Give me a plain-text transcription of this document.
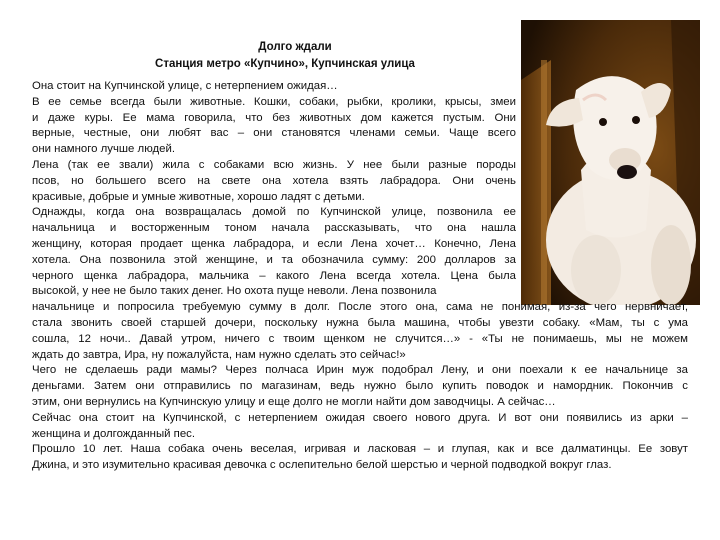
Долго ждали
Станция метро «Купчино», Купчинская улица
Она стоит на Купчинской улице, с нетерпением ожидая…
В ее семье всегда были животные. Кошки, собаки, рыбки, кролики, крысы, змеи
и даже куры. Ее мама говорила, что без животных дом кажется пустым. Они
верные, честные, они любят вас – они становятся членами семьи. Чаще всего
они намного лучше людей.
Лена (так ее звали) жила с собаками всю жизнь. У нее были разные породы
псов, но большего всего на свете она хотела взять лабрадора. Они очень
красивые, добрые и умные животные, хорошо ладят с детьми.
Однажды, когда она возвращалась домой по Купчинской улице, позвонила ее
начальница и восторженным тоном начала рассказывать, что она нашла
женщину, которая продает щенка лабрадора, и если Лена хочет… Конечно, Лена
хотела. Она позвонила этой женщине, и та обозначила сумму: 200 долларов за
черного щенка лабрадора, мальчика – какого Лена всегда хотела. Цена была
высокой, у нее не было таких денег. Но охота пуще неволи. Лена позвонила
начальнице и попросила требуемую сумму в долг. После этого она, сама не понимая, из-за чего нервничает,
стала звонить своей старшей дочери, поскольку нужна была машина, чтобы увезти собаку. «Мам, ты с ума
сошла, 12 ночи.. Давай утром, ничего с твоим щенком не случится…» - «Ты не понимаешь, мы не можем
ждать до завтра, Ира, ну пожалуйста, нам нужно сделать это сейчас!»
Чего не сделаешь ради мамы? Через полчаса Ирин муж подобрал Лену, и они поехали к ее начальнице за
деньгами. Затем они отправились по магазинам, ведь нужно было купить поводок и намордник. Покончив с
этим, они вернулись на Купчинскую улицу и еще долго не могли найти дом заводчицы. А сейчас…
Сейчас она стоит на Купчинской, с нетерпением ожидая своего нового друга. И вот они появились из арки –
женщина и долгожданный пес.
Прошло 10 лет. Наша собака очень веселая, игривая и ласковая – и глупая, как и все далматинцы. Ее зовут
Джина, и это изумительно красивая девочка с ослепительно белой шерстью и черной подводкой вокруг глаз.
